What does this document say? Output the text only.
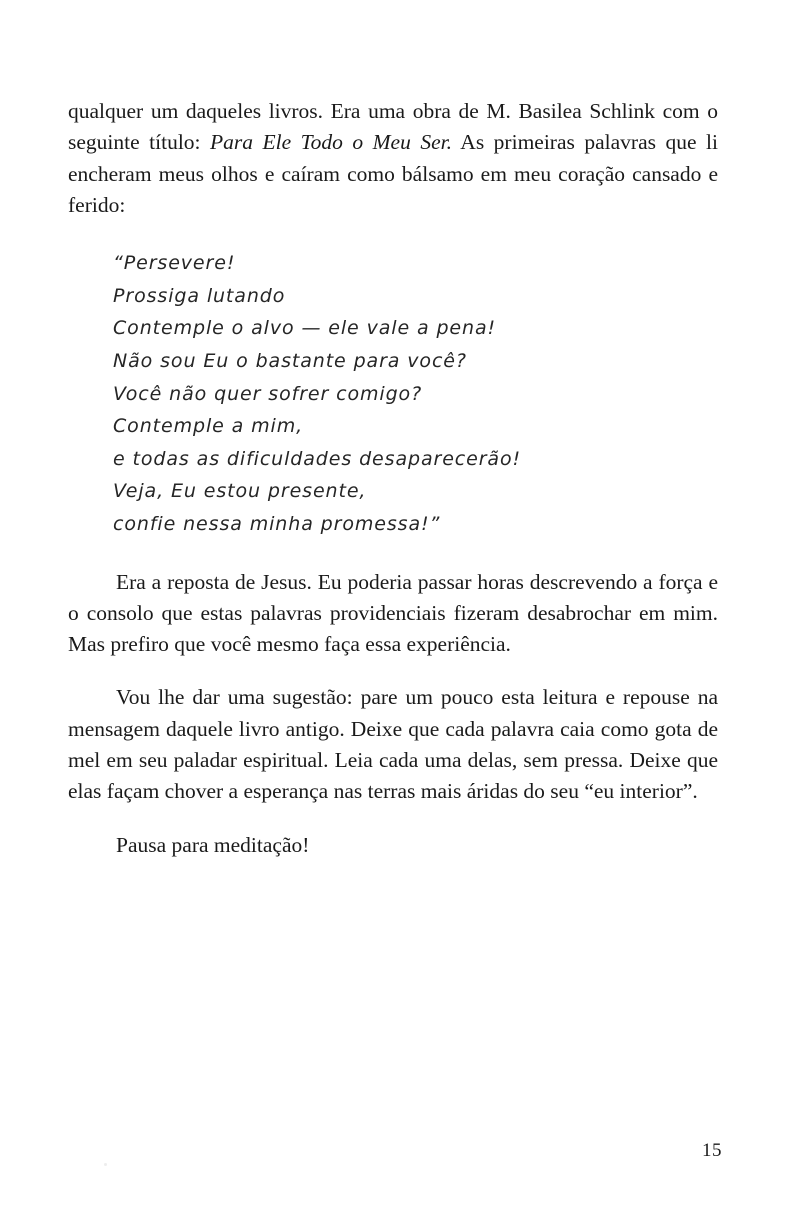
qualquer um daqueles livros. Era uma obra de M. Basilea Schlink com o seguinte título: Para Ele Todo o Meu Ser. As primeiras palavras que li encheram meus olhos e caíram como bálsamo em meu coração cansado e ferido:

“Persevere!
Prossiga lutando
Contemple o alvo — ele vale a pena!
Não sou Eu o bastante para você?
Você não quer sofrer comigo?
Contemple a mim,
e todas as dificuldades desaparecerão!
Veja, Eu estou presente,
confie nessa minha promessa!”

Era a reposta de Jesus. Eu poderia passar horas descrevendo a força e o consolo que estas palavras providenciais fizeram desabrochar em mim. Mas prefiro que você mesmo faça essa experiência.

Vou lhe dar uma sugestão: pare um pouco esta leitura e repouse na mensagem daquele livro antigo. Deixe que cada palavra caia como gota de mel em seu paladar espiritual. Leia cada uma delas, sem pressa. Deixe que elas façam chover a esperança nas terras mais áridas do seu “eu interior”.

Pausa para meditação!

15
